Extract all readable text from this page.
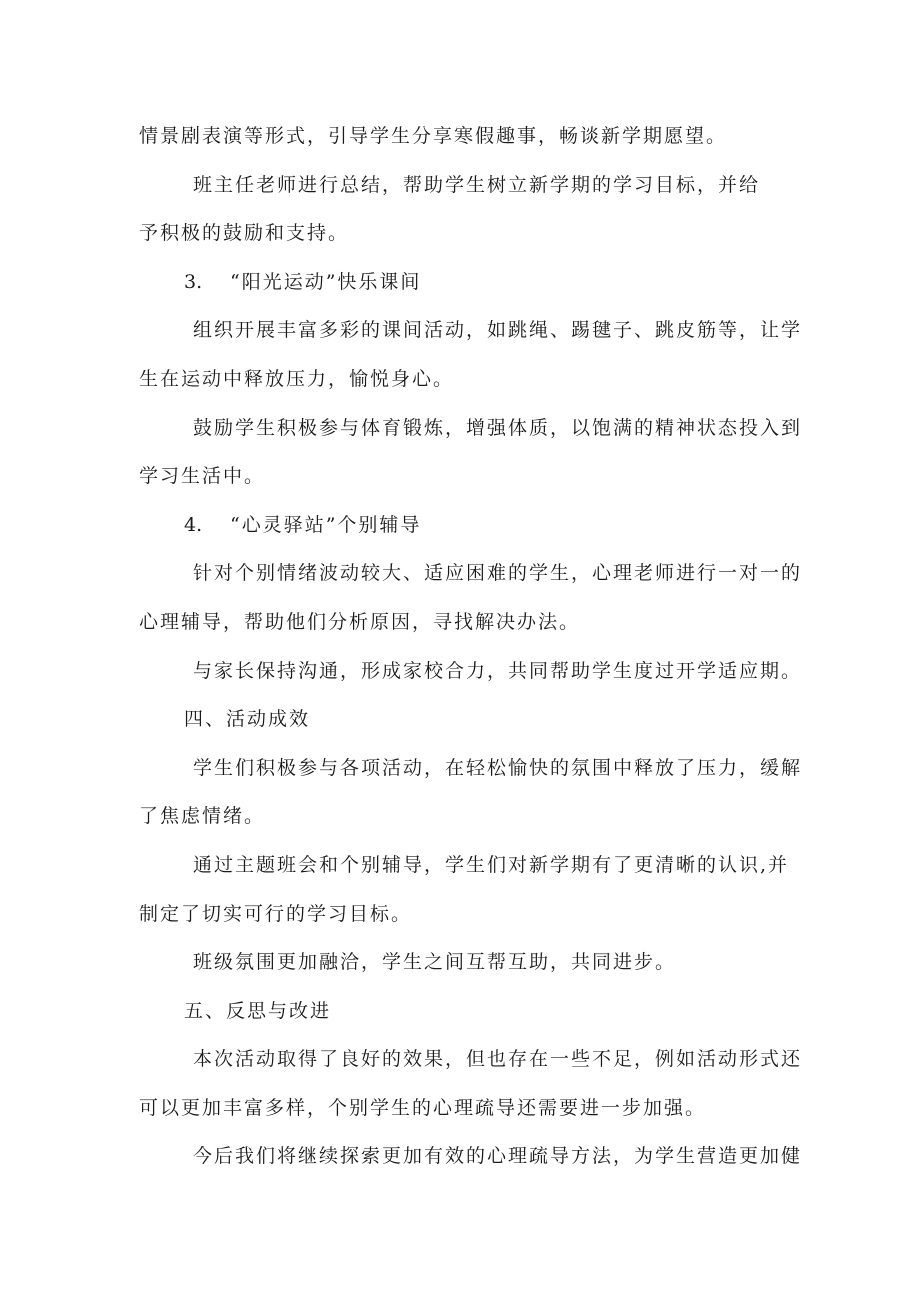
情景剧表演等形式，引导学生分享寒假趣事，畅谈新学期愿望。
班主任老师进行总结，帮助学生树立新学期的学习目标，并给
予积极的鼓励和支持。
3. “阳光运动”快乐课间
组织开展丰富多彩的课间活动，如跳绳、踢毽子、跳皮筋等，让学
生在运动中释放压力，愉悦身心。
鼓励学生积极参与体育锻炼，增强体质，以饱满的精神状态投入到
学习生活中。
4. “心灵驿站”个别辅导
针对个别情绪波动较大、适应困难的学生，心理老师进行一对一的
心理辅导，帮助他们分析原因，寻找解决办法。
与家长保持沟通，形成家校合力，共同帮助学生度过开学适应期。
四、活动成效
学生们积极参与各项活动，在轻松愉快的氛围中释放了压力，缓解
了焦虑情绪。
通过主题班会和个别辅导，学生们对新学期有了更清晰的认识,并
制定了切实可行的学习目标。
班级氛围更加融洽，学生之间互帮互助，共同进步。
五、反思与改进
本次活动取得了良好的效果，但也存在一些不足，例如活动形式还
可以更加丰富多样，个别学生的心理疏导还需要进一步加强。
今后我们将继续探索更加有效的心理疏导方法，为学生营造更加健
